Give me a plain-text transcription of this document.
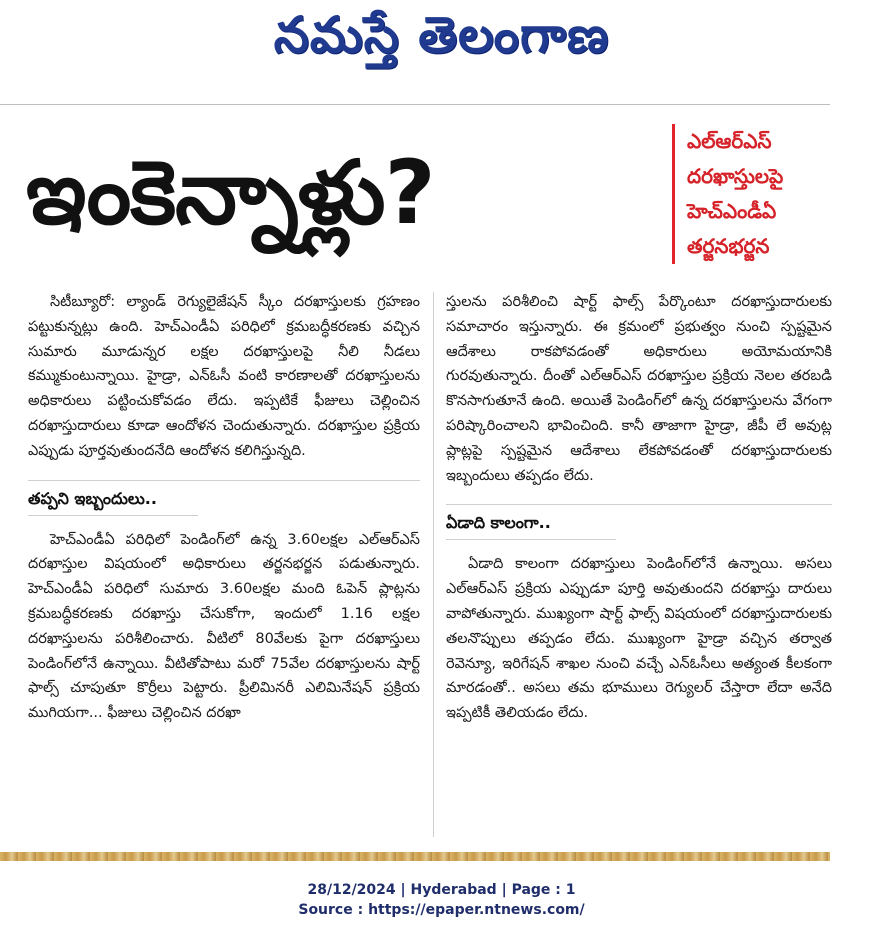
నమస్తే తెలంగాణ
ఇంకెన్నాళ్లు?	ఎల్‌ఆర్‌ఎస్
దరఖాస్తులపై
హెచ్‌ఎండీఏ
తర్జనభర్జన

సిటీబ్యూరో: ల్యాండ్ రెగ్యులైజేషన్ స్కీం దరఖాస్తులకు గ్రహణం పట్టుకున్నట్లు ఉంది. హెచ్‌ఎండీఏ పరిధిలో క్రమబద్ధీకరణకు వచ్చిన సుమారు మూడున్నర లక్షల దరఖాస్తులపై నీలి నీడలు కమ్ముకుంటున్నాయి. హైడ్రా, ఎన్‌ఓసీ వంటి కారణాలతో దరఖాస్తులను అధికారులు పట్టించుకోవడం లేదు. ఇప్పటికే ఫీజులు చెల్లించిన దరఖాస్తుదారులు కూడా ఆందోళన చెందుతున్నారు. దరఖాస్తుల ప్రక్రియ ఎప్పుడు పూర్తవుతుందనేది ఆందోళన కలిగిస్తున్నది.

తప్పని ఇబ్బందులు..

హెచ్‌ఎండీఏ పరిధిలో పెండింగ్‌లో ఉన్న 3.60లక్షల ఎల్‌ఆర్‌ఎస్ దరఖాస్తుల విషయంలో అధికారులు తర్జనభర్జన పడుతున్నారు. హెచ్‌ఎండీఏ పరిధిలో సుమారు 3.60లక్షల మంది ఓపెన్ ప్లాట్లను క్రమబద్ధీకరణకు దరఖాస్తు చేసుకోగా, ఇందులో 1.16 లక్షల దరఖాస్తులను పరిశీలించారు. వీటిలో 80వేలకు పైగా దరఖాస్తులు పెండింగ్‌లోనే ఉన్నాయి. వీటితోపాటు మరో 75వేల దరఖాస్తులను షార్ట్ ఫాల్స్ చూపుతూ కొర్రీలు పెట్టారు. ప్రీలిమినరీ ఎలిమినేషన్ ప్రక్రియ ముగియగా... ఫీజులు చెల్లించిన దరఖా

స్తులను పరిశీలించి షార్ట్ ఫాల్స్ పేర్కొంటూ దరఖాస్తుదారులకు సమాచారం ఇస్తున్నారు. ఈ క్రమంలో ప్రభుత్వం నుంచి స్పష్టమైన ఆదేశాలు రాకపోవడంతో అధికారులు అయోమయానికి గురవుతున్నారు. దీంతో ఎల్‌ఆర్‌ఎస్ దరఖాస్తుల ప్రక్రియ నెలల తరబడి కొనసాగుతూనే ఉంది. అయితే పెండింగ్‌లో ఉన్న దరఖాస్తులను వేగంగా పరిష్కారించాలని భావించింది. కానీ తాజాగా హైడ్రా, జీపీ లే అవుట్ల ప్లాట్లపై స్పష్టమైన ఆదేశాలు లేకపోవడంతో దరఖాస్తుదారులకు ఇబ్బందులు తప్పడం లేదు.

ఏడాది కాలంగా..

ఏడాది కాలంగా దరఖాస్తులు పెండింగ్‌లోనే ఉన్నాయి. అసలు ఎల్‌ఆర్‌ఎస్ ప్రక్రియ ఎప్పుడూ పూర్తి అవుతుందని దరఖాస్తు దారులు వాపోతున్నారు. ముఖ్యంగా షార్ట్ ఫాల్స్ విషయంలో దరఖాస్తుదారులకు తలనొప్పులు తప్పడం లేదు. ముఖ్యంగా హైడ్రా వచ్చిన తర్వాత రెవెన్యూ, ఇరిగేషన్ శాఖల నుంచి వచ్చే ఎన్‌ఓసీలు అత్యంత కీలకంగా మారడంతో.. అసలు తమ భూములు రెగ్యులర్ చేస్తారా లేదా అనేది ఇప్పటికీ తెలియడం లేదు.

28/12/2024 | Hyderabad | Page : 1
Source : https://epaper.ntnews.com/
